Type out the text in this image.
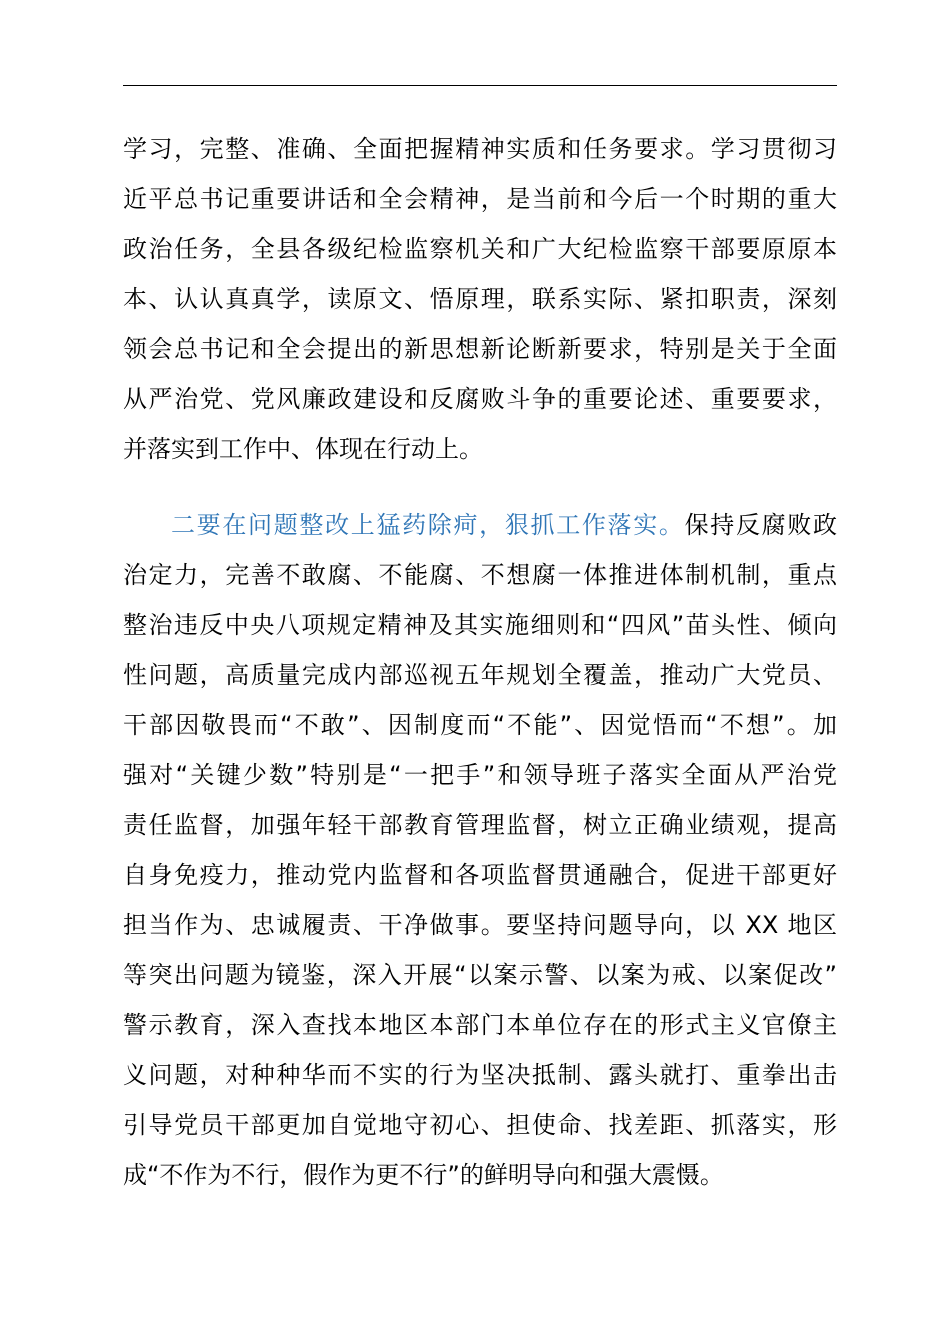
学习，完整、准确、全面把握精神实质和任务要求。学习贯彻习
近平总书记重要讲话和全会精神，是当前和今后一个时期的重大
政治任务，全县各级纪检监察机关和广大纪检监察干部要原原本
本、认认真真学，读原文、悟原理，联系实际、紧扣职责，深刻
领会总书记和全会提出的新思想新论断新要求，特别是关于全面
从严治党、党风廉政建设和反腐败斗争的重要论述、重要要求，
并落实到工作中、体现在行动上。
二要在问题整改上猛药除疴，狠抓工作落实。保持反腐败政
治定力，完善不敢腐、不能腐、不想腐一体推进体制机制，重点
整治违反中央八项规定精神及其实施细则和“四风”苗头性、倾向
性问题，高质量完成内部巡视五年规划全覆盖，推动广大党员、
干部因敬畏而“不敢”、因制度而“不能”、因觉悟而“不想”。加
强对“关键少数”特别是“一把手”和领导班子落实全面从严治党
责任监督，加强年轻干部教育管理监督，树立正确业绩观，提高
自身免疫力，推动党内监督和各项监督贯通融合，促进干部更好
担当作为、忠诚履责、干净做事。要坚持问题导向，以 XX 地区
等突出问题为镜鉴，深入开展“以案示警、以案为戒、以案促改”
警示教育，深入查找本地区本部门本单位存在的形式主义官僚主
义问题，对种种华而不实的行为坚决抵制、露头就打、重拳出击
引导党员干部更加自觉地守初心、担使命、找差距、抓落实，形
成“不作为不行，假作为更不行”的鲜明导向和强大震慑。
